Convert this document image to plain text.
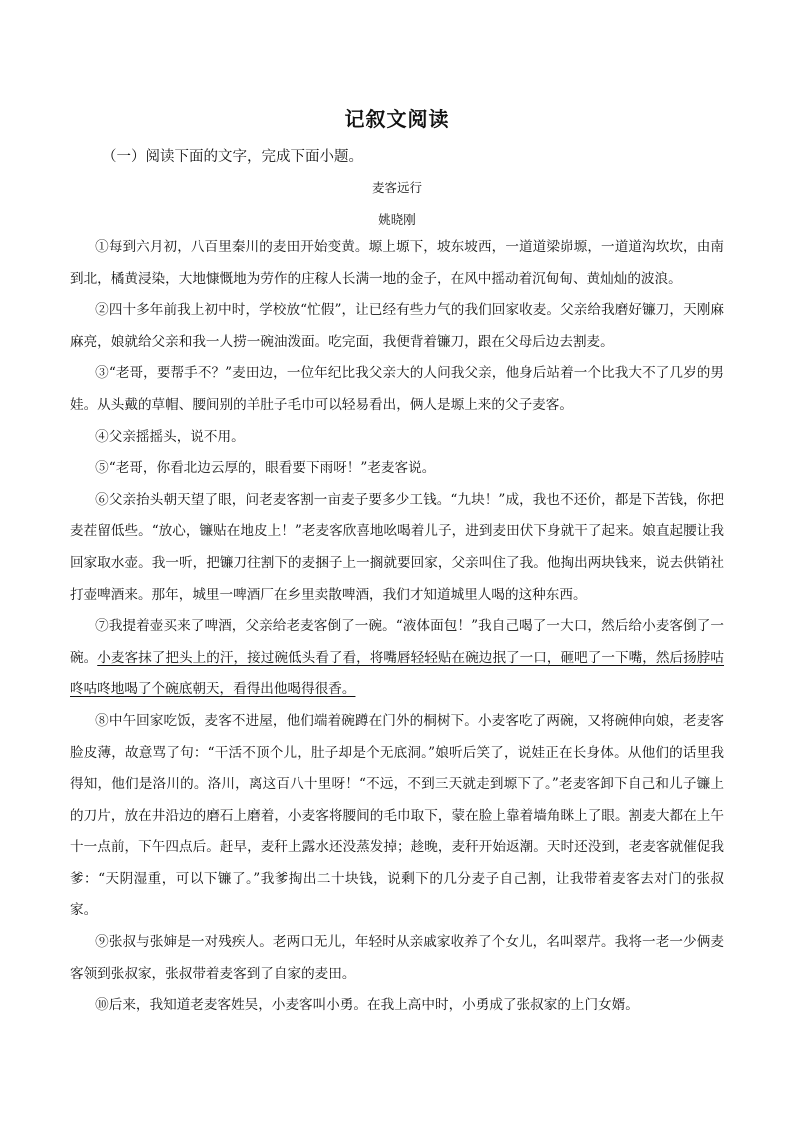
记叙文阅读
（一）阅读下面的文字，完成下面小题。
麦客远行
姚晓刚

①每到六月初，八百里秦川的麦田开始变黄。塬上塬下，坡东坡西，一道道梁峁塬，一道道沟坎坎，由南到北，橘黄浸染，大地慷慨地为劳作的庄稼人长满一地的金子，在风中摇动着沉甸甸、黄灿灿的波浪。

②四十多年前我上初中时，学校放“忙假”，让已经有些力气的我们回家收麦。父亲给我磨好镰刀，天刚麻麻亮，娘就给父亲和我一人捞一碗油泼面。吃完面，我便背着镰刀，跟在父母后边去割麦。

③“老哥，要帮手不？”麦田边，一位年纪比我父亲大的人问我父亲，他身后站着一个比我大不了几岁的男娃。从头戴的草帽、腰间别的羊肚子毛巾可以轻易看出，俩人是塬上来的父子麦客。

④父亲摇摇头，说不用。

⑤“老哥，你看北边云厚的，眼看要下雨呀！”老麦客说。

⑥父亲抬头朝天望了眼，问老麦客割一亩麦子要多少工钱。“九块！”成，我也不还价，都是下苦钱，你把麦茬留低些。“放心，镰贴在地皮上！”老麦客欣喜地吆喝着儿子，进到麦田伏下身就干了起来。娘直起腰让我回家取水壶。我一听，把镰刀往割下的麦捆子上一搁就要回家，父亲叫住了我。他掏出两块钱来，说去供销社打壶啤酒来。那年，城里一啤酒厂在乡里卖散啤酒，我们才知道城里人喝的这种东西。

⑦我提着壶买来了啤酒，父亲给老麦客倒了一碗。“液体面包！”我自己喝了一大口，然后给小麦客倒了一碗。小麦客抹了把头上的汗，接过碗低头看了看，将嘴唇轻轻贴在碗边抿了一口，砸吧了一下嘴，然后扬脖咕咚咕咚地喝了个碗底朝天，看得出他喝得很香。

⑧中午回家吃饭，麦客不进屋，他们端着碗蹲在门外的桐树下。小麦客吃了两碗，又将碗伸向娘，老麦客脸皮薄，故意骂了句：“干活不顶个儿，肚子却是个无底洞。”娘听后笑了，说娃正在长身体。从他们的话里我得知，他们是洛川的。洛川，离这百八十里呀！“不远，不到三天就走到塬下了。”老麦客卸下自己和儿子镰上的刀片，放在井沿边的磨石上磨着，小麦客将腰间的毛巾取下，蒙在脸上靠着墙角眯上了眼。割麦大都在上午十一点前，下午四点后。赶早，麦秆上露水还没蒸发掉；趁晚，麦秆开始返潮。天时还没到，老麦客就催促我爹：“天阴湿重，可以下镰了。”我爹掏出二十块钱，说剩下的几分麦子自己割，让我带着麦客去对门的张叔家。

⑨张叔与张婶是一对残疾人。老两口无儿，年轻时从亲戚家收养了个女儿，名叫翠芹。我将一老一少俩麦客领到张叔家，张叔带着麦客到了自家的麦田。

⑩后来，我知道老麦客姓吴，小麦客叫小勇。在我上高中时，小勇成了张叔家的上门女婿。
